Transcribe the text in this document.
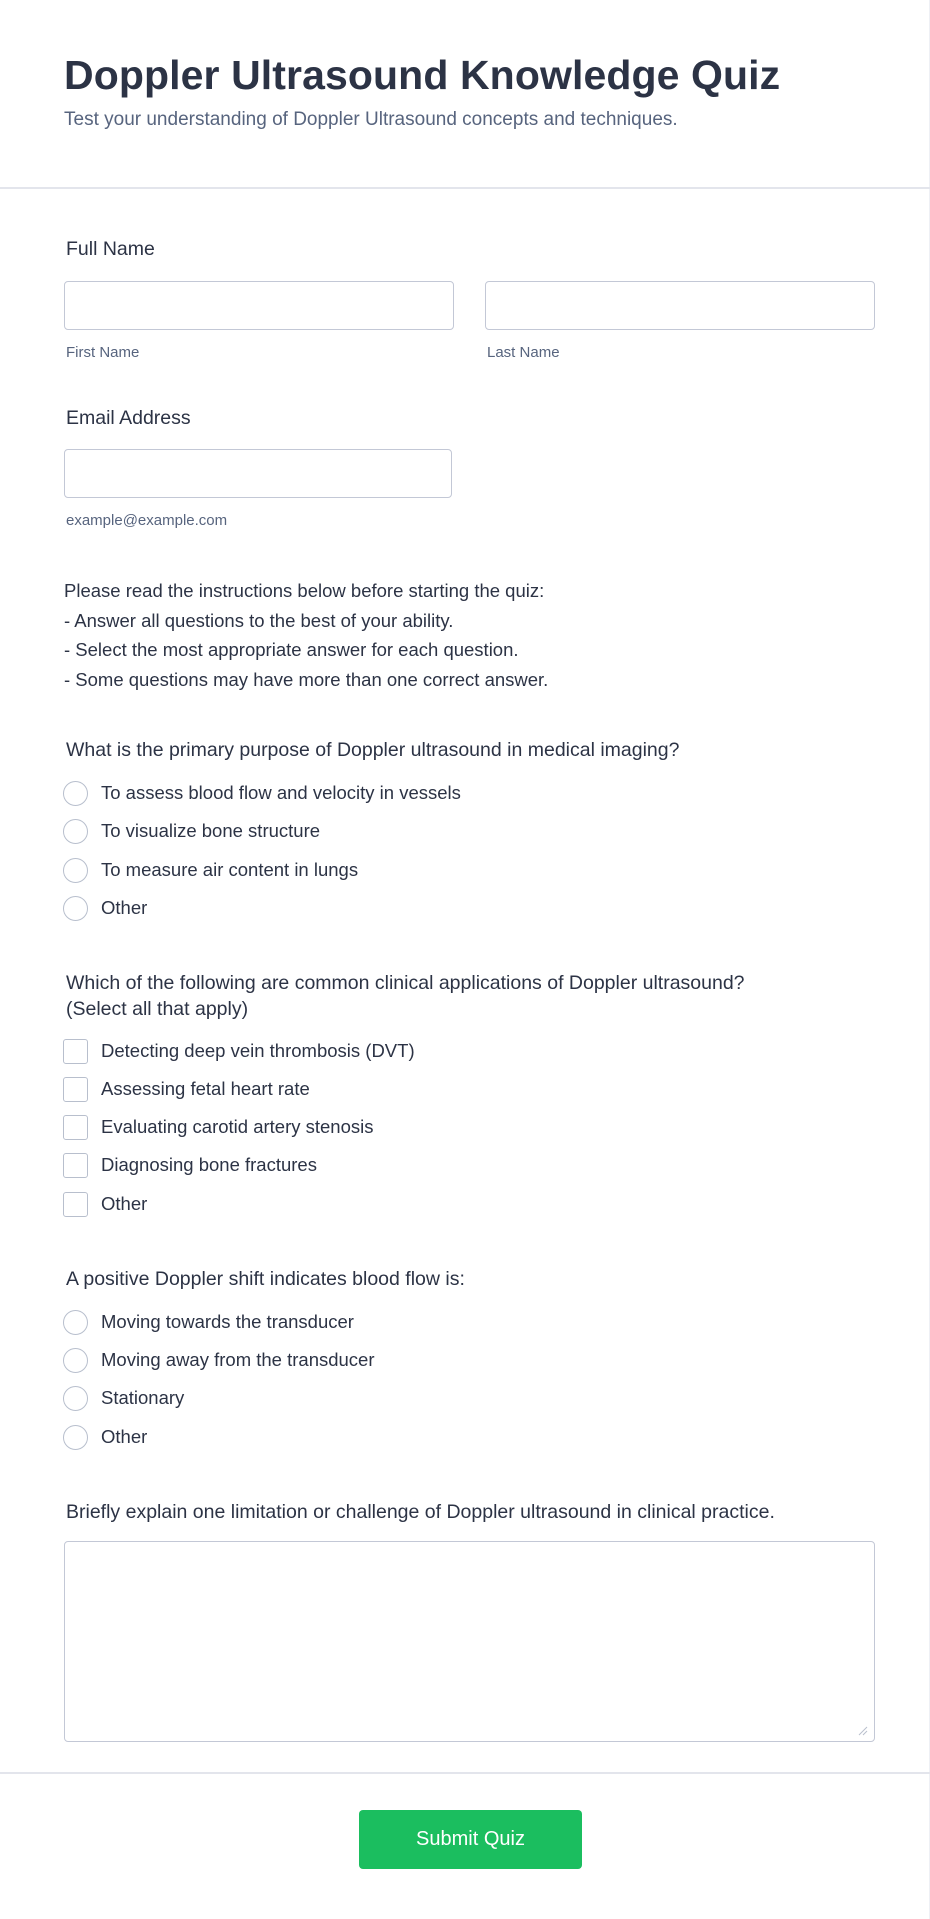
Doppler Ultrasound Knowledge Quiz
Test your understanding of Doppler Ultrasound concepts and techniques.
Full Name
First Name	Last Name
Email Address
example@example.com
Please read the instructions below before starting the quiz:
- Answer all questions to the best of your ability.
- Select the most appropriate answer for each question.
- Some questions may have more than one correct answer.
What is the primary purpose of Doppler ultrasound in medical imaging?
To assess blood flow and velocity in vessels
To visualize bone structure
To measure air content in lungs
Other
Which of the following are common clinical applications of Doppler ultrasound?
(Select all that apply)
Detecting deep vein thrombosis (DVT)
Assessing fetal heart rate
Evaluating carotid artery stenosis
Diagnosing bone fractures
Other
A positive Doppler shift indicates blood flow is:
Moving towards the transducer
Moving away from the transducer
Stationary
Other
Briefly explain one limitation or challenge of Doppler ultrasound in clinical practice.
Submit Quiz
